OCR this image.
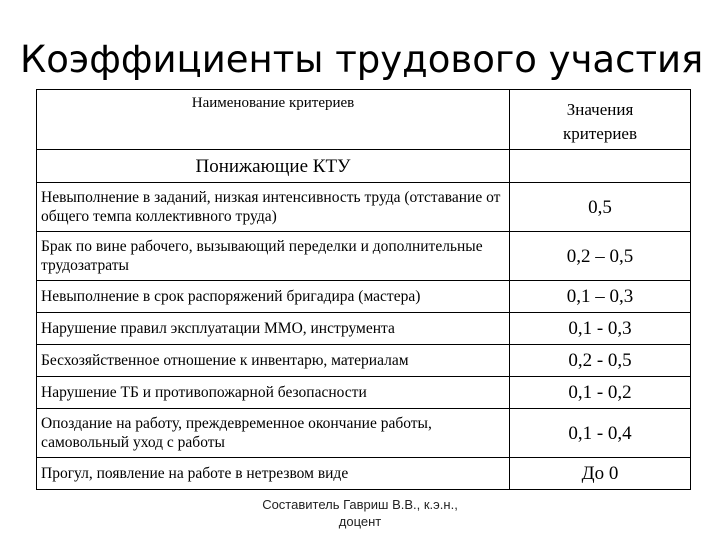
Коэффициенты трудового участия
Наименование критериев	Значения
критериев
Понижающие КТУ	
Невыполнение в заданий, низкая интенсивность труда (отставание от общего темпа коллективного труда)	0,5
Брак по вине рабочего, вызывающий переделки и дополнительные трудозатраты	0,2 – 0,5
Невыполнение в срок распоряжений бригадира (мастера)	0,1 – 0,3
Нарушение правил эксплуатации ММО, инструмента	0,1 - 0,3
Бесхозяйственное отношение к инвентарю, материалам	0,2 - 0,5
Нарушение ТБ и противопожарной безопасности	0,1 - 0,2
Опоздание на работу, преждевременное окончание работы, самовольный уход с работы	0,1 - 0,4
Прогул, появление на работе в нетрезвом виде	До 0
Составитель Гавриш В.В., к.э.н.,
доцент
